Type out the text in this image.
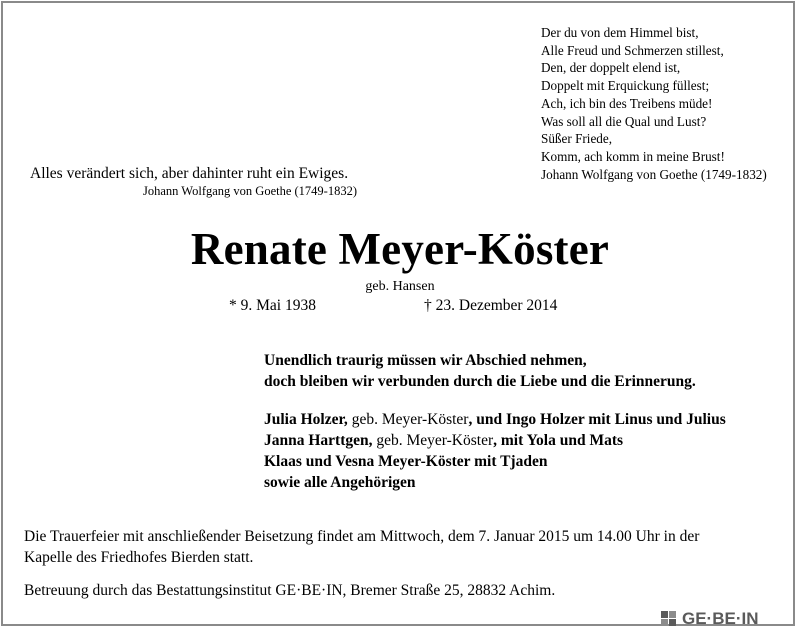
Der du von dem Himmel bist,
Alle Freud und Schmerzen stillest,
Den, der doppelt elend ist,
Doppelt mit Erquickung füllest;
Ach, ich bin des Treibens müde!
Was soll all die Qual und Lust?
Süßer Friede,
Komm, ach komm in meine Brust!
Johann Wolfgang von Goethe (1749-1832)
Alles verändert sich, aber dahinter ruht ein Ewiges.
Johann Wolfgang von Goethe (1749-1832)
Renate Meyer-Köster
geb. Hansen
* 9. Mai 1938	† 23. Dezember 2014
Unendlich traurig müssen wir Abschied nehmen,
doch bleiben wir verbunden durch die Liebe und die Erinnerung.
Julia Holzer, geb. Meyer-Köster, und Ingo Holzer mit Linus und Julius
Janna Harttgen, geb. Meyer-Köster, mit Yola und Mats
Klaas und Vesna Meyer-Köster mit Tjaden
sowie alle Angehörigen
Die Trauerfeier mit anschließender Beisetzung findet am Mittwoch, dem 7. Januar 2015 um 14.00 Uhr in der
Kapelle des Friedhofes Bierden statt.
Betreuung durch das Bestattungsinstitut GE·BE·IN, Bremer Straße 25, 28832 Achim.
GE·BE·IN
